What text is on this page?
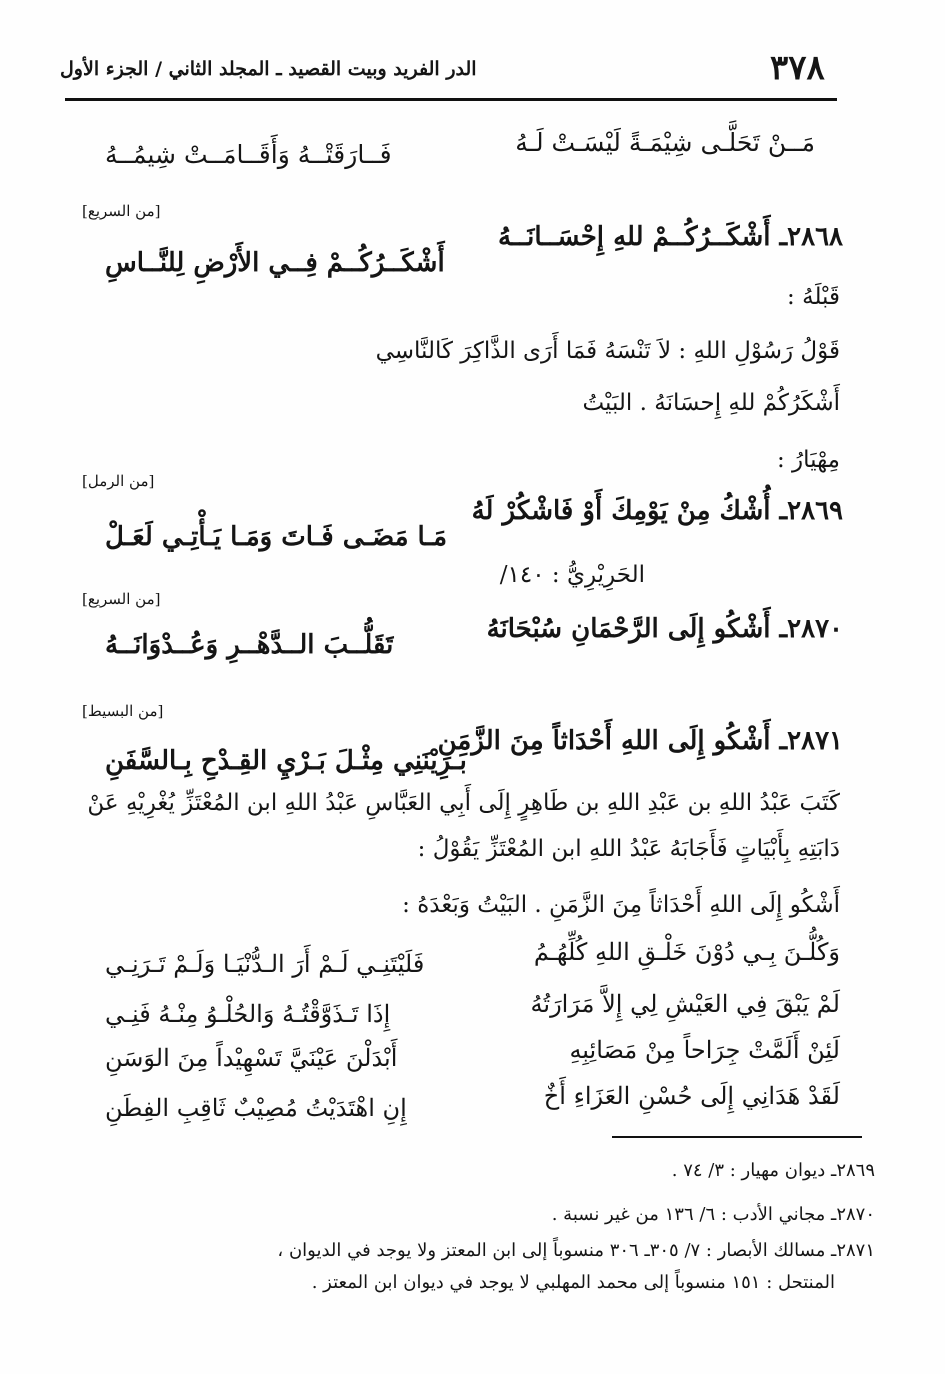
٣٧٨
الدر الفريد وبيت القصيد ـ المجلد الثاني / الجزء الأول
مَــنْ تَحَلَّـى شِيْمَـةً لَيْسَـتْ لَـهُ
فَــارَقَتْــهُ وَأَقَــامَــتْ شِيمُــهُ
[من السريع]
٢٨٦٨ـ أَشْكَــرُكُــمْ للهِ إِحْسَــانَــهُ
أَشْكَــرُكُــمْ فِــي الأَرْضِ لِلنَّــاسِ
قَبْلَهُ :
قَوْلُ رَسُوْلِ اللهِ : لاَ تَنْسَهُ فَمَا أَرَى الذَّاكِرَ كَالنَّاسِي
أَشْكَرُكُمْ للهِ إِحسَانَهُ . البَيْتُ
مِهْيَارُ :
[من الرمل]
٢٨٦٩ـ أُشْكُ مِنْ يَوْمِكَ أَوْ فَاشْكُرْ لَهُ
مَـا مَضَـى فَـاتَ وَمَـا يَـأْتِـي لَعَـلْ
الحَرِيْرِيُّ : ١٤٠/
[من السريع]
٢٨٧٠ـ أَشْكُو إِلَى الرَّحْمَانِ سُبْحَانَهُ
تَقَلُّــبَ الــدَّهْــرِ وَعُــدْوَانَــهُ
[من البسيط]
٢٨٧١ـ أَشْكُو إِلَى اللهِ أَحْدَاثاً مِنَ الزَّمَنِ
بَـرِيْنَنِي مِثْـلَ بَـرْيِ القِـدْحِ بِـالسَّفَنِ
كَتَبَ عَبْدُ اللهِ بن عَبْدِ اللهِ بن طَاهِرٍ إِلَى أَبِي العَبَّاسِ عَبْدُ اللهِ ابن المُعْتَزِّ يُغْرِيْهِ عَنْ
دَابَتِهِ بِأَبْيَاتٍ فَأَجَابَهُ عَبْدُ اللهِ ابن المُعْتَزِّ يَقُوْلُ :
أَشْكُو إِلَى اللهِ أَحْدَاثاً مِنَ الزَّمَنِ . البَيْتُ وَبَعْدَهُ :
وَكُلُّـنَ بِـي دُوْنَ خَلْـقِ اللهِ كُلِّهُـمُ
فَلَيْتَنِـي لَـمْ أَرَ الـدُّنْيَـا وَلَـمْ تَـرَنِـي
لَمْ يَبْقَ فِي العَيْشِ لِي إِلاَّ مَرَارَتُهُ
إِذَا تَـذَوَّقْتُـهُ وَالحُلْـوُ مِنْـهُ فَنِـي
لَئِنْ أَلَمَّتْ جِرَاحاً مِنْ مَصَائِبِهِ
أَبْدَلْنَ عَيْنَيَّ تَسْهِيْداً مِنَ الوَسَنِ
لَقَدْ هَدَانِي إِلَى حُسْنِ العَزَاءِ أَخٌ
إِنِ اهْتَدَيْتُ مُصِيْبٌ ثَاقِبِ الفِطَنِ
٢٨٦٩ـ ديوان مهيار : ٣/ ٧٤ .
٢٨٧٠ـ مجاني الأدب : ٦/ ١٣٦ من غير نسبة .
٢٨٧١ـ مسالك الأبصار : ٧/ ٣٠٥ـ ٣٠٦ منسوباً إلى ابن المعتز ولا يوجد في الديوان ،
المنتحل : ١٥١ منسوباً إلى محمد المهلبي لا يوجد في ديوان ابن المعتز .
